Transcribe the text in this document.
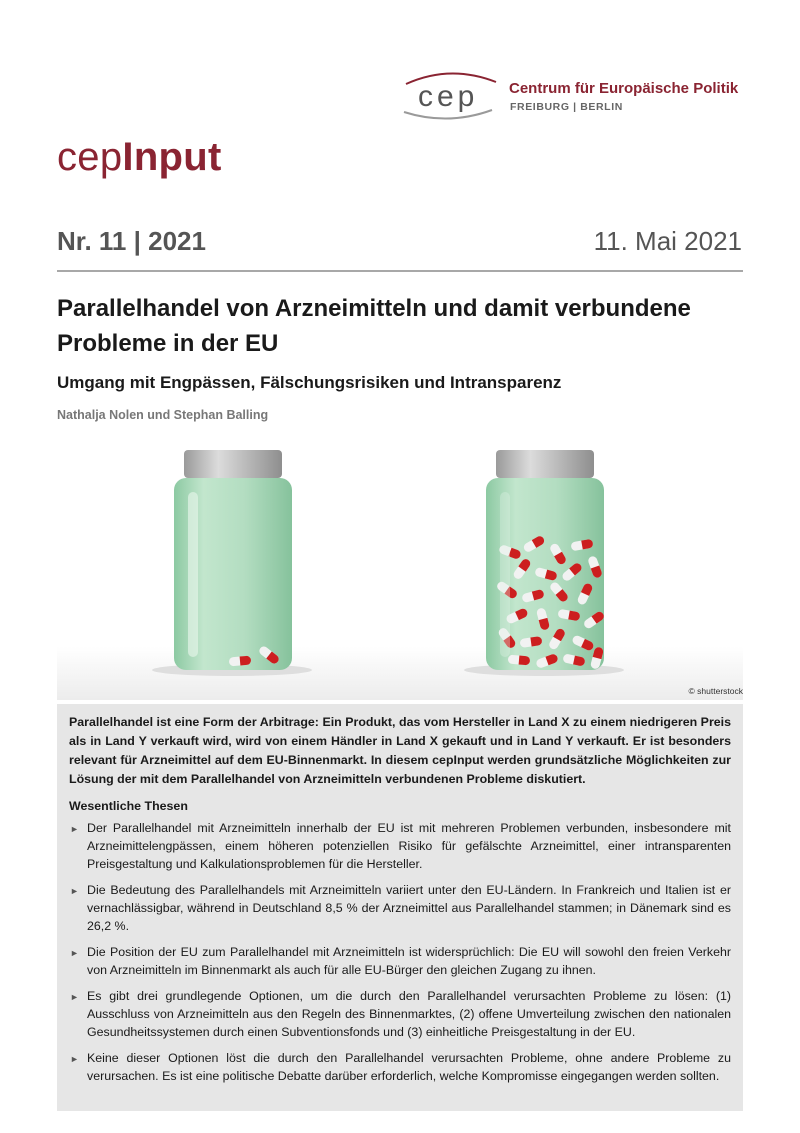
cep Centrum für Europäische Politik
FREIBURG | BERLIN
cepInput
Nr. 11 | 2021	11. Mai 2021
Parallelhandel von Arzneimitteln und damit verbundene Probleme in der EU
Umgang mit Engpässen, Fälschungsrisiken und Intransparenz
Nathalja Nolen und Stephan Balling
© shutterstock

Parallelhandel ist eine Form der Arbitrage: Ein Produkt, das vom Hersteller in Land X zu einem niedrigeren Preis als in Land Y verkauft wird, wird von einem Händler in Land X gekauft und in Land Y verkauft. Er ist besonders relevant für Arzneimittel auf dem EU-Binnenmarkt. In diesem cepInput werden grundsätzliche Möglichkeiten zur Lösung der mit dem Parallelhandel von Arzneimitteln verbundenen Probleme diskutiert.

Wesentliche Thesen
► Der Parallelhandel mit Arzneimitteln innerhalb der EU ist mit mehreren Problemen verbunden, insbesondere mit Arzneimittelengpässen, einem höheren potenziellen Risiko für gefälschte Arzneimittel, einer intransparenten Preisgestaltung und Kalkulationsproblemen für die Hersteller.
► Die Bedeutung des Parallelhandels mit Arzneimitteln variiert unter den EU-Ländern. In Frankreich und Italien ist er vernachlässigbar, während in Deutschland 8,5 % der Arzneimittel aus Parallelhandel stammen; in Dänemark sind es 26,2 %.
► Die Position der EU zum Parallelhandel mit Arzneimitteln ist widersprüchlich: Die EU will sowohl den freien Verkehr von Arzneimitteln im Binnenmarkt als auch für alle EU-Bürger den gleichen Zugang zu ihnen.
► Es gibt drei grundlegende Optionen, um die durch den Parallelhandel verursachten Probleme zu lösen: (1) Ausschluss von Arzneimitteln aus den Regeln des Binnenmarktes, (2) offene Umverteilung zwischen den nationalen Gesundheitssystemen durch einen Subventionsfonds und (3) einheitliche Preisgestaltung in der EU.
► Keine dieser Optionen löst die durch den Parallelhandel verursachten Probleme, ohne andere Probleme zu verursachen. Es ist eine politische Debatte darüber erforderlich, welche Kompromisse eingegangen werden sollten.
